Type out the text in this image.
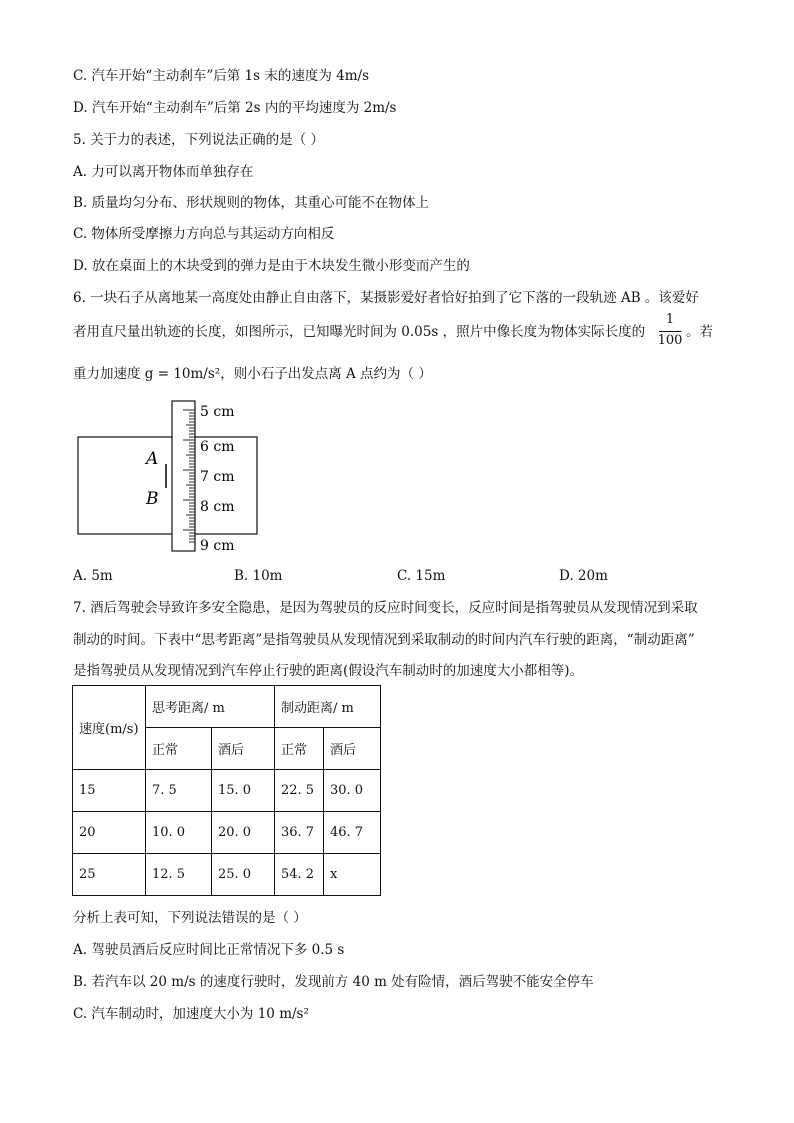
C. 汽车开始“主动刹车”后第 1s 末的速度为 4m/s
D. 汽车开始“主动刹车”后第 2s 内的平均速度为 2m/s
5. 关于力的表述，下列说法正确的是（ ）
A. 力可以离开物体而单独存在
B. 质量均匀分布、形状规则的物体，其重心可能不在物体上
C. 物体所受摩擦力方向总与其运动方向相反
D. 放在桌面上的木块受到的弹力是由于木块发生微小形变而产生的
6. 一块石子从离地某一高度处由静止自由落下，某摄影爱好者恰好拍到了它下落的一段轨迹 AB 。该爱好
者用直尺量出轨迹的长度，如图所示，已知曝光时间为 0.05s ，照片中像长度为物体实际长度的
1
100
。若
重力加速度 g = 10m/s²，则小石子出发点离 A 点约为（ ）
A
B
5 cm
6 cm
7 cm
8 cm
9 cm
A. 5m	B. 10m	C. 15m	D. 20m
7. 酒后驾驶会导致许多安全隐患，是因为驾驶员的反应时间变长，反应时间是指驾驶员从发现情况到采取
制动的时间。下表中“思考距离”是指驾驶员从发现情况到采取制动的时间内汽车行驶的距离，“制动距离”
是指驾驶员从发现情况到汽车停止行驶的距离(假设汽车制动时的加速度大小都相等)。
速度(m/s)	思考距离/ m		制动距离/ m	
	正常	酒后	正常	酒后
15	7. 5	15. 0	22. 5	30. 0
20	10. 0	20. 0	36. 7	46. 7
25	12. 5	25. 0	54. 2	x
分析上表可知，下列说法错误的是（ ）
A. 驾驶员酒后反应时间比正常情况下多 0.5 s
B. 若汽车以 20 m/s 的速度行驶时，发现前方 40 m 处有险情，酒后驾驶不能安全停车
C. 汽车制动时，加速度大小为 10 m/s²
